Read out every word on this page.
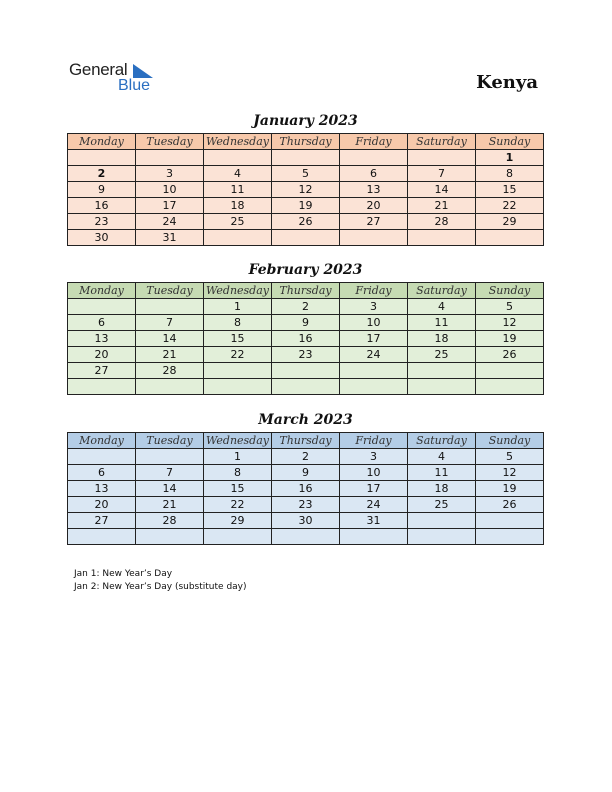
General
Blue	Kenya
January 2023
Monday	Tuesday	Wednesday	Thursday	Friday	Saturday	Sunday
						1
2	3	4	5	6	7	8
9	10	11	12	13	14	15
16	17	18	19	20	21	22
23	24	25	26	27	28	29
30	31					
February 2023
Monday	Tuesday	Wednesday	Thursday	Friday	Saturday	Sunday
		1	2	3	4	5
6	7	8	9	10	11	12
13	14	15	16	17	18	19
20	21	22	23	24	25	26
27	28					

March 2023
Monday	Tuesday	Wednesday	Thursday	Friday	Saturday	Sunday
		1	2	3	4	5
6	7	8	9	10	11	12
13	14	15	16	17	18	19
20	21	22	23	24	25	26
27	28	29	30	31		

Jan 1: New Year’s Day
Jan 2: New Year’s Day (substitute day)
